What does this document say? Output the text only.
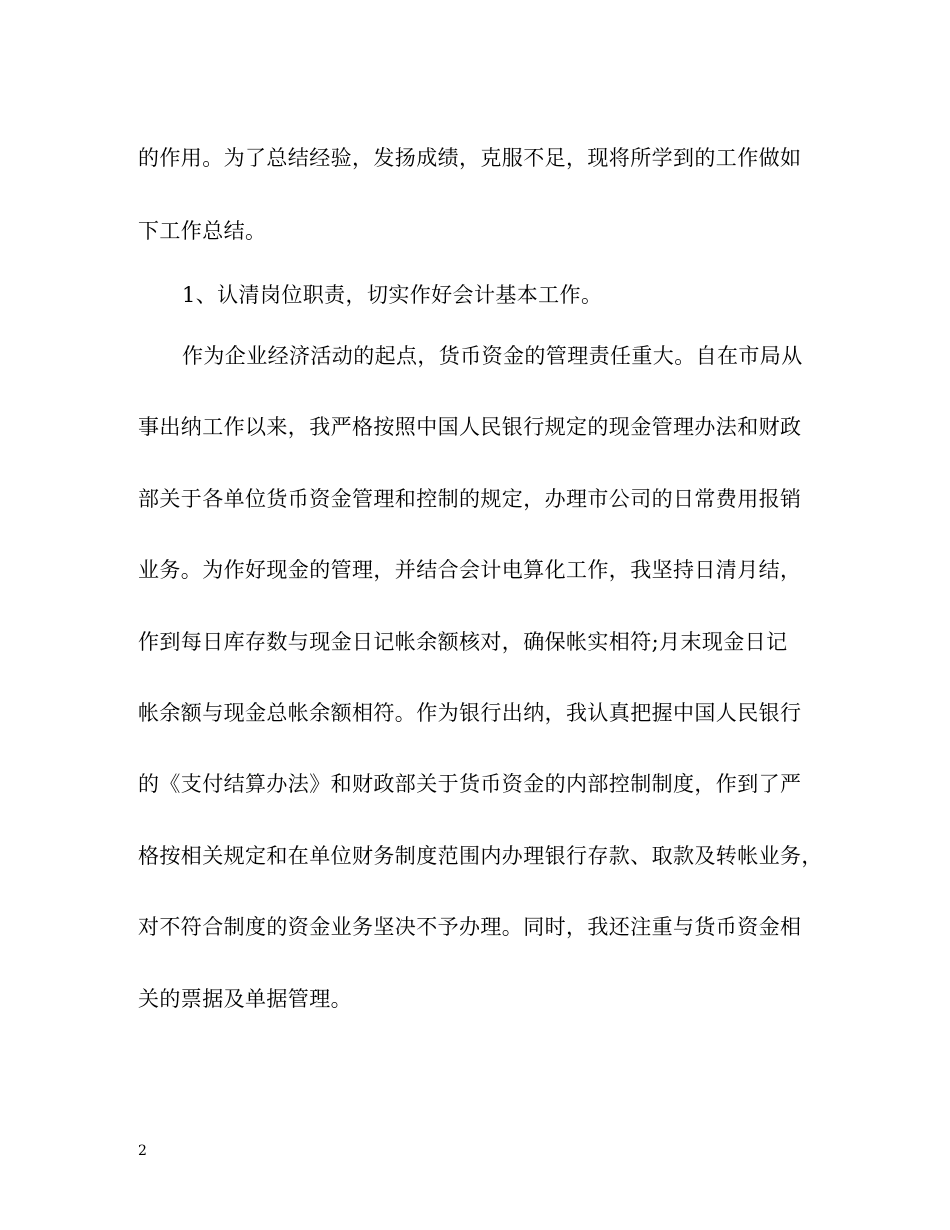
的作用。为了总结经验，发扬成绩，克服不足，现将所学到的工作做如
下工作总结。
1、认清岗位职责，切实作好会计基本工作。
作为企业经济活动的起点，货币资金的管理责任重大。自在市局从
事出纳工作以来，我严格按照中国人民银行规定的现金管理办法和财政
部关于各单位货币资金管理和控制的规定，办理市公司的日常费用报销
业务。为作好现金的管理，并结合会计电算化工作，我坚持日清月结，
作到每日库存数与现金日记帐余额核对，确保帐实相符;月末现金日记
帐余额与现金总帐余额相符。作为银行出纳，我认真把握中国人民银行
的《支付结算办法》和财政部关于货币资金的内部控制制度，作到了严
格按相关规定和在单位财务制度范围内办理银行存款、取款及转帐业务，
对不符合制度的资金业务坚决不予办理。同时，我还注重与货币资金相
关的票据及单据管理。
2
